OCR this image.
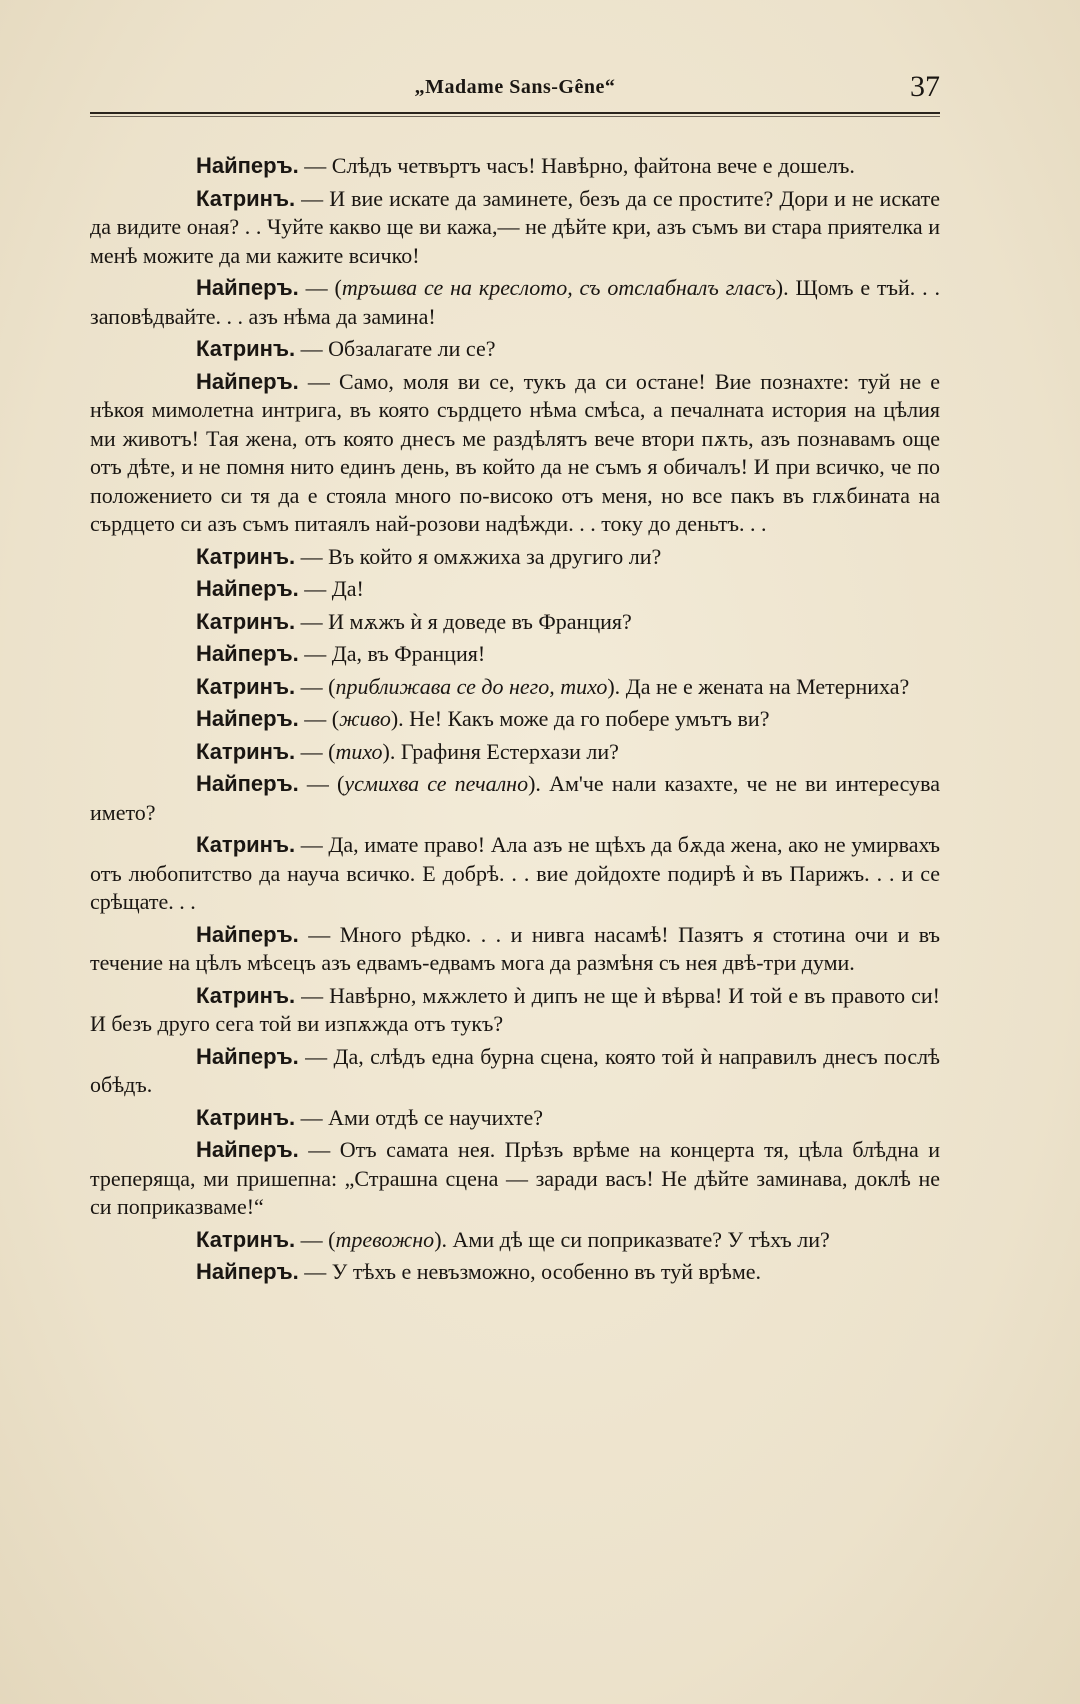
„Madame Sans-Gêne“	37

Найперъ. — Слѣдъ четвъртъ часъ! Навѣрно, файтона вече е дошелъ.

Катринъ. — И вие искате да заминете, безъ да се простите? Дори и не искате да видите оная? . . Чуйте какво ще ви кажа,— не дѣйте кри, азъ съмъ ви стара приятелка и менѣ можите да ми кажите всичко!

Найперъ. — (тръшва се на креслото, съ отслабналъ гласъ). Щомъ е тъй. . . заповѣдвайте. . . азъ нѣма да замина!

Катринъ. — Обзалагате ли се?

Найперъ. — Само, моля ви се, тукъ да си остане! Вие познахте: туй не е нѣкоя мимолетна интрига, въ която сърдцето нѣма смѣса, а печалната история на цѣлия ми животъ! Тая жена, отъ която днесъ ме раздѣлятъ вече втори пѫть, азъ познавамъ още отъ дѣте, и не помня нито единъ день, въ който да не съмъ я обичалъ! И при всичко, че по положението си тя да е стояла много по-високо отъ меня, но все пакъ въ глѫбината на сърдцето си азъ съмъ питаялъ най-розови надѣжди. . . току до деньтъ. . .

Катринъ. — Въ който я омѫжиха за другиго ли?

Найперъ. — Да!

Катринъ. — И мѫжъ ѝ я доведе въ Франция?

Найперъ. — Да, въ Франция!

Катринъ. — (приближава се до него, тихо). Да не е жената на Метерниха?

Найперъ. — (живо). Не! Какъ може да го побере умътъ ви?

Катринъ. — (тихо). Графиня Естерхази ли?

Найперъ. — (усмихва се печално). Ам'че нали казахте, че не ви интересува името?

Катринъ. — Да, имате право! Ала азъ не щѣхъ да бѫда жена, ако не умирвахъ отъ любопитство да науча всичко. Е добрѣ. . . вие дойдохте подирѣ ѝ въ Парижъ. . . и се срѣщате. . .

Найперъ. — Много рѣдко. . . и нивга насамѣ! Пазятъ я стотина очи и въ течение на цѣлъ мѣсецъ азъ едвамъ-едвамъ мога да размѣня съ нея двѣ-три думи.

Катринъ. — Навѣрно, мѫжлето ѝ дипъ не ще ѝ вѣрва! И той е въ правото си! И безъ друго сега той ви изпѫжда отъ тукъ?

Найперъ. — Да, слѣдъ една бурна сцена, която той ѝ направилъ днесъ послѣ обѣдъ.

Катринъ. — Ами отдѣ се научихте?

Найперъ. — Отъ самата нея. Прѣзъ врѣме на концерта тя, цѣла блѣдна и треперяща, ми пришепна: „Страшна сцена — заради васъ! Не дѣйте заминава, доклѣ не си поприказваме!“

Катринъ. — (тревожно). Ами дѣ ще си поприказвате? У тѣхъ ли?

Найперъ. — У тѣхъ е невъзможно, особенно въ туй врѣме.
